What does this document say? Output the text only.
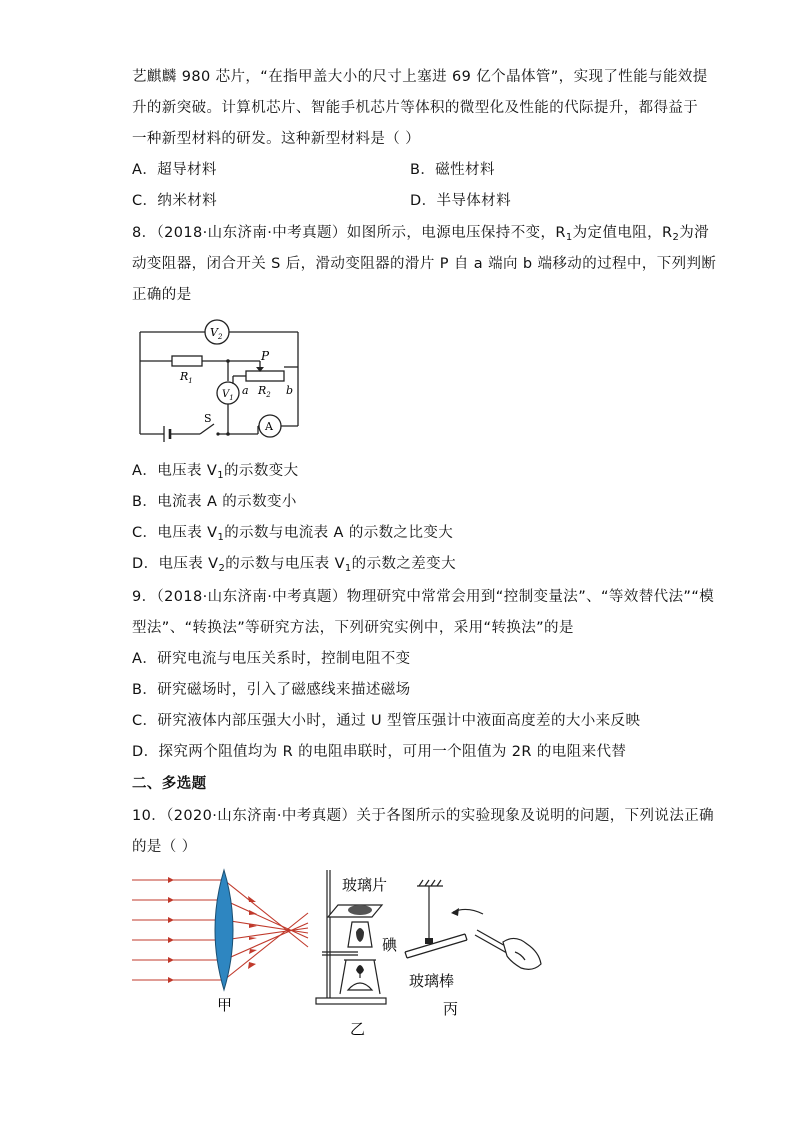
艺麒麟 980 芯片，“在指甲盖大小的尺寸上塞进 69 亿个晶体管”，实现了性能与能效提
升的新突破。计算机芯片、智能手机芯片等体积的微型化及性能的代际提升，都得益于
一种新型材料的研发。这种新型材料是（ ）
A．超导材料	B．磁性材料
C．纳米材料	D．半导体材料
8．（2018·山东济南·中考真题）如图所示，电源电压保持不变，$R_1$为定值电阻，$R_2$为滑
动变阻器，闭合开关 S 后，滑动变阻器的滑片 P 自 a 端向 b 端移动的过程中，下列判断
正确的是
$V_2$
$V_1$
$R_1$
$R_2$
P
a	b
S
A
A．电压表 $V_1$的示数变大
B．电流表 A 的示数变小
C．电压表 $V_1$的示数与电流表 A 的示数之比变大
D．电压表 $V_2$的示数与电压表 $V_1$的示数之差变大
9．（2018·山东济南·中考真题）物理研究中常常会用到“控制变量法”、“等效替代法”“模
型法”、“转换法”等研究方法，下列研究实例中，采用“转换法”的是
A．研究电流与电压关系时，控制电阻不变
B．研究磁场时，引入了磁感线来描述磁场
C．研究液体内部压强大小时，通过 U 型管压强计中液面高度差的大小来反映
D．探究两个阻值均为 R 的电阻串联时，可用一个阻值为 2R 的电阻来代替
二、多选题
10．（2020·山东济南·中考真题）关于各图所示的实验现象及说明的问题，下列说法正确
的是（ ）
甲
玻璃片
碘
乙
玻璃棒
丙
